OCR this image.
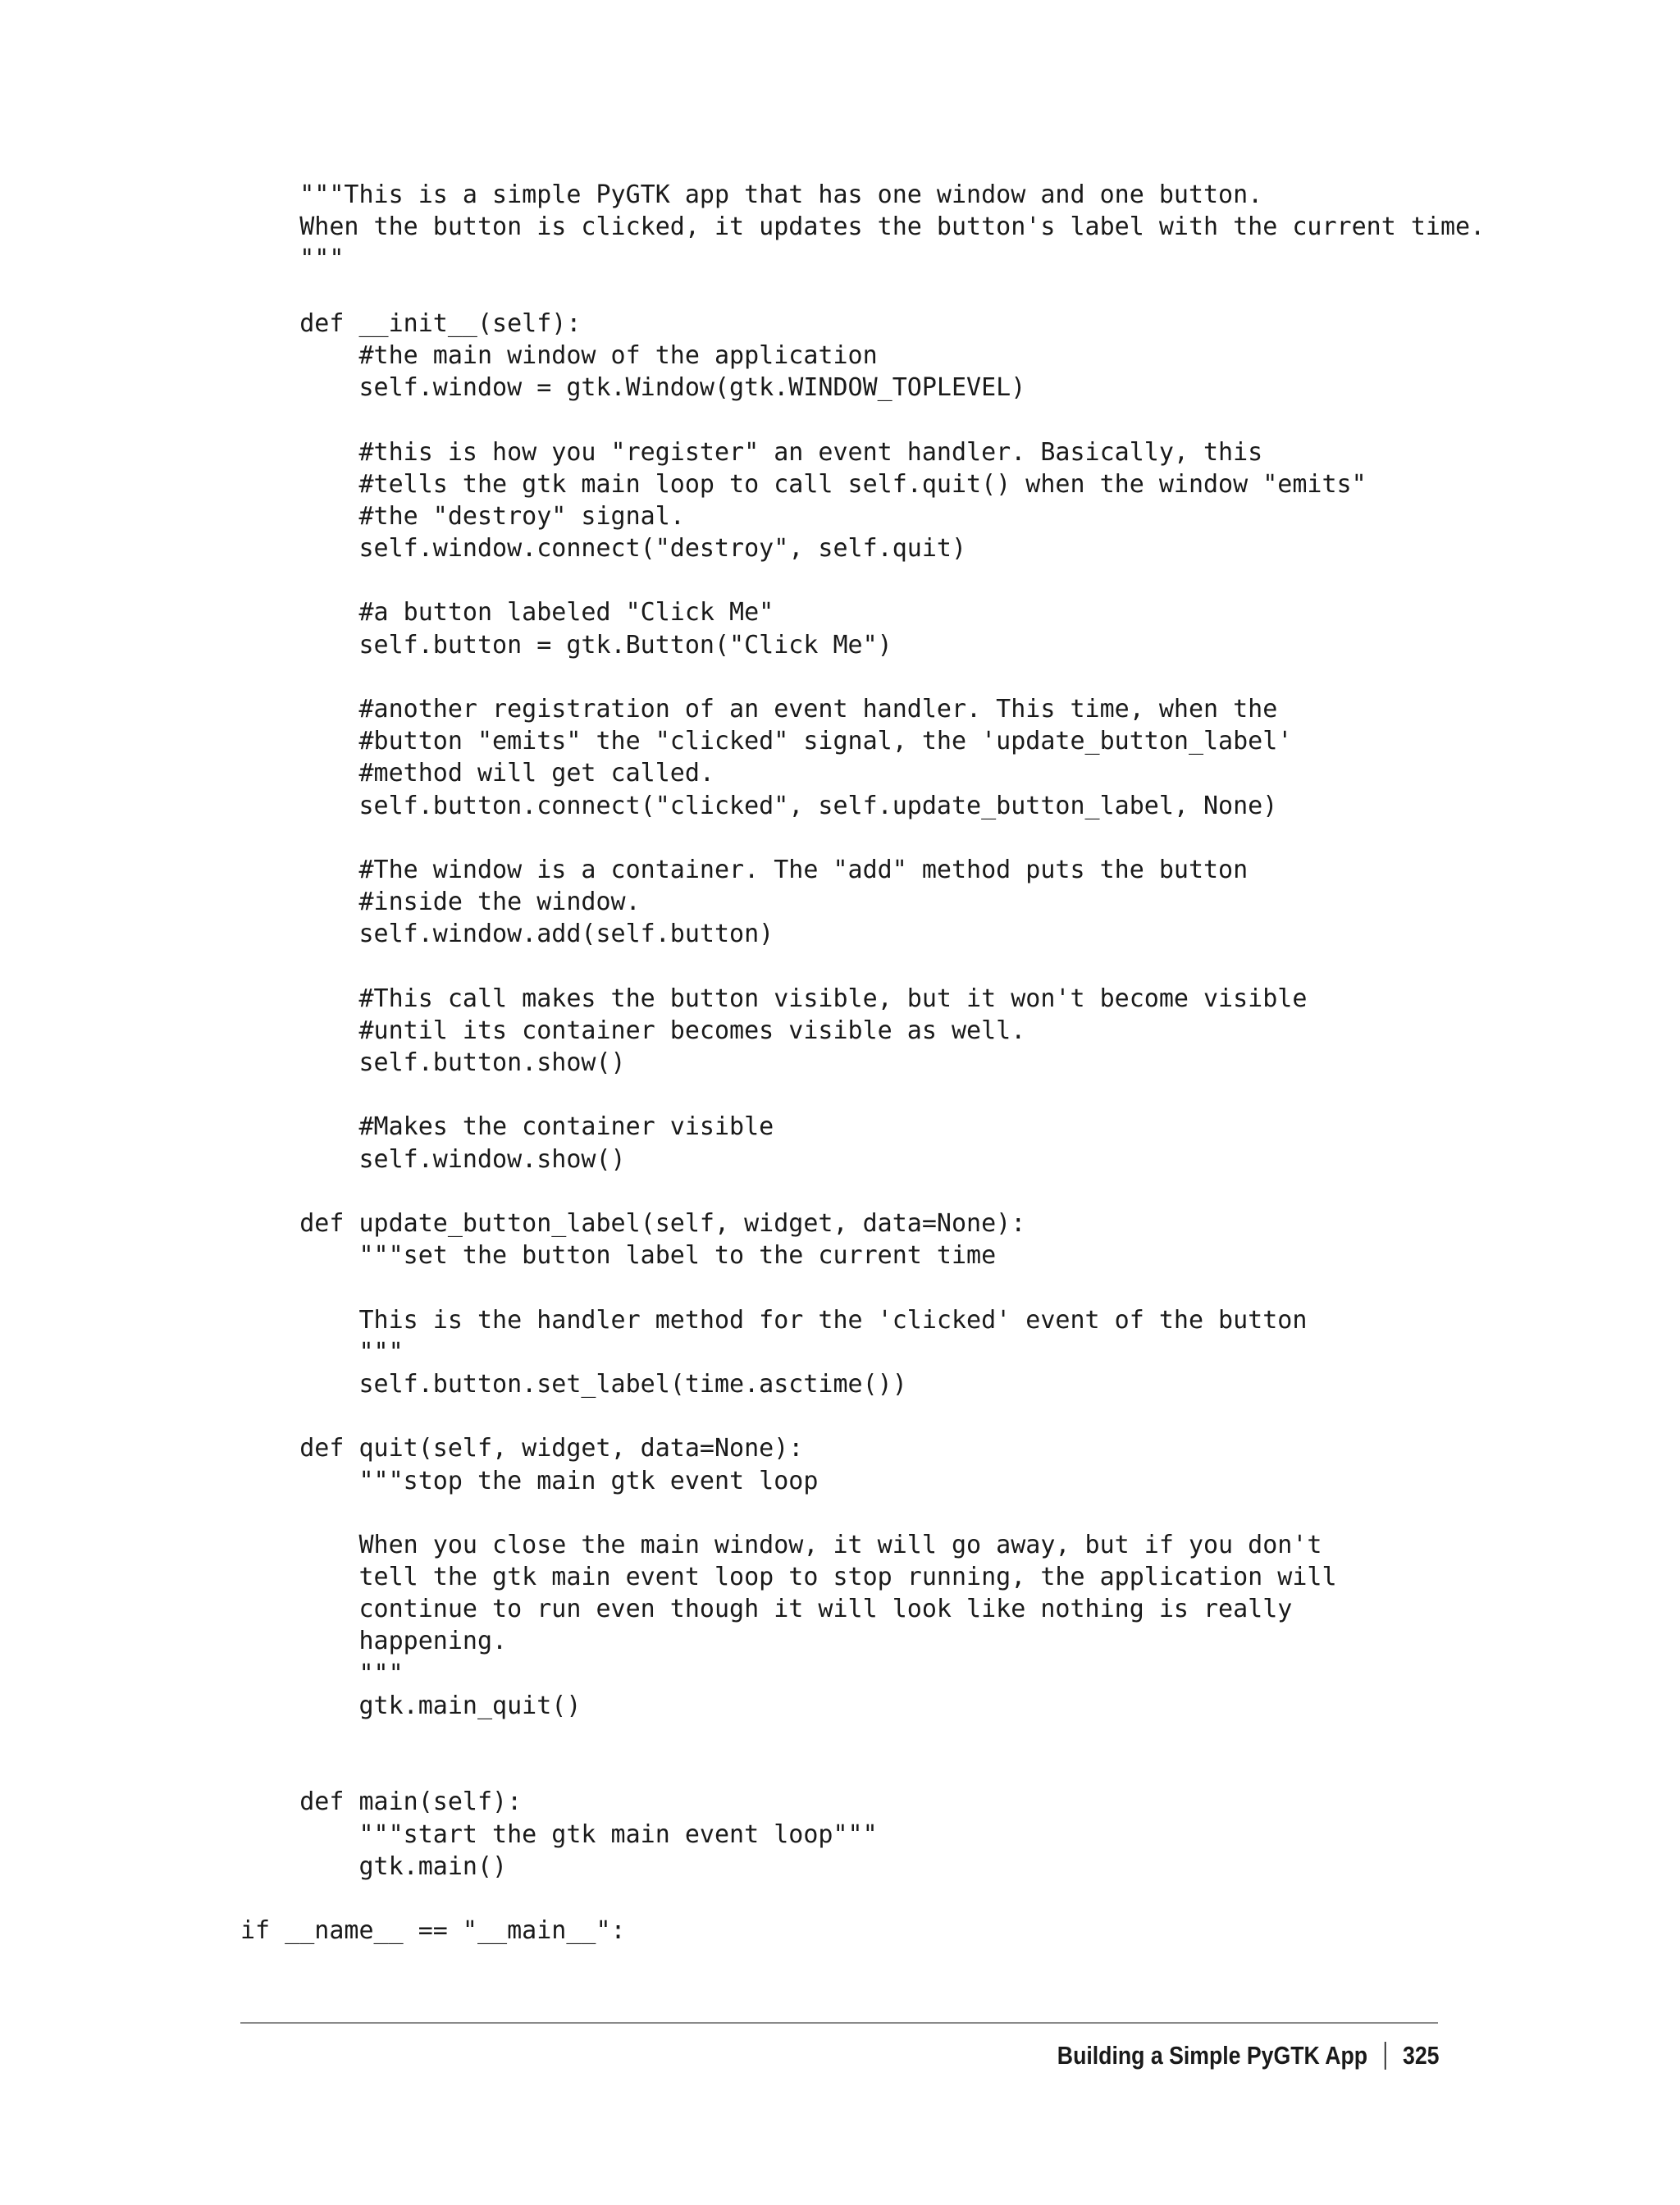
"""This is a simple PyGTK app that has one window and one button.
When the button is clicked, it updates the button's label with the current time.
"""
def __init__(self):
#the main window of the application
self.window = gtk.Window(gtk.WINDOW_TOPLEVEL)
#this is how you "register" an event handler. Basically, this
#tells the gtk main loop to call self.quit() when the window "emits"
#the "destroy" signal.
self.window.connect("destroy", self.quit)
#a button labeled "Click Me"
self.button = gtk.Button("Click Me")
#another registration of an event handler. This time, when the
#button "emits" the "clicked" signal, the 'update_button_label'
#method will get called.
self.button.connect("clicked", self.update_button_label, None)
#The window is a container. The "add" method puts the button
#inside the window.
self.window.add(self.button)
#This call makes the button visible, but it won't become visible
#until its container becomes visible as well.
self.button.show()
#Makes the container visible
self.window.show()
def update_button_label(self, widget, data=None):
"""set the button label to the current time
This is the handler method for the 'clicked' event of the button
"""
self.button.set_label(time.asctime())
def quit(self, widget, data=None):
"""stop the main gtk event loop
When you close the main window, it will go away, but if you don't
tell the gtk main event loop to stop running, the application will
continue to run even though it will look like nothing is really
happening.
"""
gtk.main_quit()
def main(self):
"""start the gtk main event loop"""
gtk.main()
if __name__ == "__main__":
Building a Simple PyGTK App 325
